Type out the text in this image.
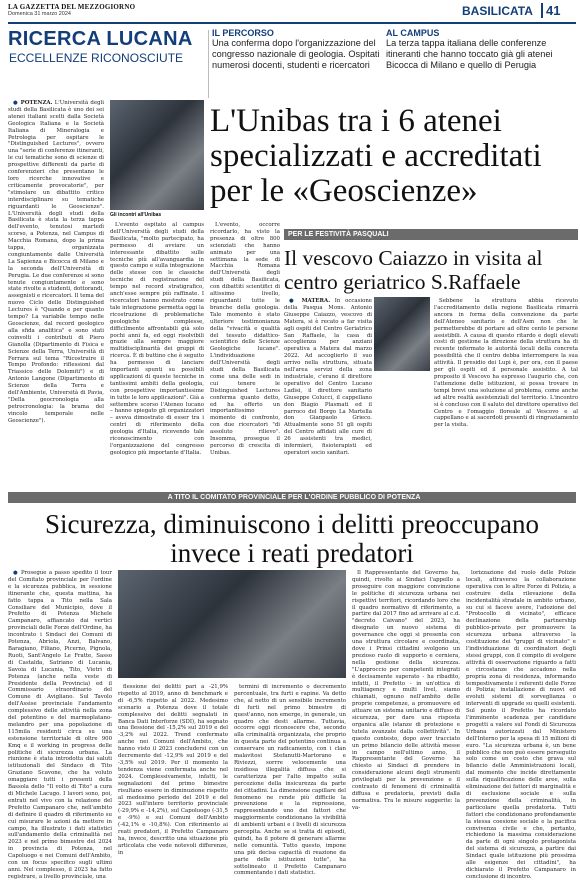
LA GAZZETTA DEL MEZZOGIORNO
Domenica 31 marzo 2024	BASILICATA	41
RICERCA LUCANA
ECCELLENZE RICONOSCIUTE
IL PERCORSO
Una conferma dopo l'organizzazione del congresso nazionale di geologia. Ospitati numerosi docenti, studenti e ricercatori
AL CAMPUS
La terza tappa italiana delle conferenze itineranti che hanno toccato già gli atenei Bicocca di Milano e quello di Perugia

● POTENZA. L'Università degli studi della Basilicata è uno dei sei atenei italiani scelti dalla Società Geologica Italiana e la Società Italiana di Mineralogia e Petrologia per ospitare le "Distinguished Lectures", ovvero una "serie di conferenze itineranti, le cui tematiche sono di scienze di prospettive differenti da parte di conferenzieri che presentano le loro ricerche innovative e criticamente provocatorie", per "stimolare un dibattito critico interdisciplinare su tematiche riguardanti le Geoscienze". L'Università degli studi della Basilicata è stata la terza tappa dell'evento, tenutosi martedì scorso, a Potenza, nel Campus di Macchia Romana, dopo la prima tappa, organizzata congiuntamente dalle Università La Sapienza e Bicocca di Milano e la seconda dell'Università di Perugia. Le due conferenze si sono tenute congiuntamente e sono state rivolte a studenti, dottorandi, assegnisti e ricercatori. Il tema del nuovo Ciclo delle Distinguished Lectures è "Quando e per quanto tempo? La variabile tempo nelle Geoscienze, dal record geologico alla sfida analitica" e sono stati coinvolti i contributi di Piero Gianolla (Dipartimento di Fisica e Scienze della Terra, Università di Ferrara sul tema "Ricostruire il Tempo Profondo: riflessioni dal Triassico delle Dolomiti") e di Antonio Langone (Dipartimento di Scienze della Terra e dell'Ambiente, Università di Pavia, "Della geocronologia alla petrocronologia: la brama del vincolo temporale nelle Geoscienze").

Gli incontri all'Unibas

L'evento ospitato al campus dell'Università degli studi della Basilicata, "molto partecipato, ha permesso di avviare un interessante dibattito sulle tecniche più all'avanguardia in questo campo e sulla integrazione delle stesse con le classiche tecniche di registrazione del tempo nel record stratigrafico, anch'esse sempre più raffinate. I ricercatori hanno mostrato come tale integrazione permetta oggi la ricostruzione di problematiche geologiche complesse, difficilmente affrontabili già solo pochi anni fa, ed oggi risolvibili grazie alla sempre maggiore multidisciplinarità dei gruppi di ricerca. È di buttino che è seguito ha permesso di lanciare importanti spunti su possibili applicazioni di queste tecniche in tantissimi ambiti della geologia, con prospettive importantissime in tutte le loro applicazioni". Già a settembre scorso l'Ateneo lucano – hanno spiegato gli organizzatori – aveva dimostrato di esser tra i centri di riferimento della geologia d'Italia, ricevendo tale riconoscimento con l'organizzazione del congresso geologico più importante d'Italia.

L'Unibas tra i 6 atenei specializzati e accreditati per le «Geoscienze»

L'evento, occorre ricordarlo, ha visto la presenza di oltre 800 scienziati che hanno animato per una settimana la sede di Macchia Romana dell'Università degli studi della Basilicata, con dibattiti scientifici di altissimo livello, riguardanti tutte le branche della geologia. Tale momento è stato ulteriore testimonianza della "vivacità e qualità del tessuto didattico-scientifico delle Scienze Geologiche lucane". L'individuazione dell'Università degli studi della Basilicata come una delle sedi in cui tenere le Distinguished Lectures conferma quanto detto, ed ha offerto un importantissimo momento di confronto, con due ricercatori "di assoluto rilievo". Insomma, prosegue il percorso di crescita di Unibas.

PER LE FESTIVITÀ PASQUALI
Il vescovo Caiazzo in visita al centro geriatrico S.Raffaele

● MATERA. In occasione della Pasqua Mons. Antonio Giuseppe Caiazzo, vescovo di Matera, si è recato a far visita agli ospiti del Centro Geriatrico San Raffaele, la casa di accoglienza per anziani operativa a Matera dal marzo 2022. Ad accoglierlo il suo arrivo nella struttura, situata nell'area servizi della zona industriale, c'erano il direttore operativo del Centro Lucano Ladisi, il direttore sanitario Giuseppe Colucci, il cappellano don Biagio Plasmati ed il parroco del Borgo La Martella don Gianpaolo Grieco. Attualmente sono 51 gli ospiti del Centro affidati alle cure di 26 assistenti tra medici, infermieri, fisioterapisti ed operatori socio sanitari.

Sebbene la struttura abbia ricevuto l'accreditamento della regione Basilicata rimarrà ancora in forma della convenzione da parte dell'Ateneo sanitario e dell'Asm non che le permetterebbe di portare ad oltre cento le persone assistibili. A causa di questo ritardo e degli elevati costi di gestione la direzione della struttura ha di recente informato le autorità locali della concreta possibilità che il centro debba interrompere la sua attività. Il presidio dei Lupi è, per ora, con il paese per gli ospiti ed il personale assistito. A tal proposito il Vescovo ha espresso l'augurio che, con l'attenzione delle istituzioni, si possa trovare in tempi brevi una soluzione al problema, come anche ad altre realtà assistenziali del territorio. L'incontro si è concluso con il saluto del direttore operativo del Centro e l'omaggio floreale al Vescovo e al cappellano e ai sacerdoti presenti di ringraziamento per la visita.

A TITO IL COMITATO PROVINCIALE PER L'ORDINE PUBBLICO DI POTENZA
Sicurezza, diminuiscono i delitti preoccupano invece i reati predatori

● Prosegue a passo spedito il tour del Comitato provinciale per l'ordine e la sicurezza pubblica, in sessione itinerante che, questa mattina, ha fatto tappa a Tito nella Sala Consiliare del Municipio, dove il Prefetto di Potenza Michele Campanaro, affiancato dai vertici provinciali delle Forze dell'Ordine, ha incontrato i Sindaci dei Comuni di Potenza, Abriola, Anzi, Balvano, Baragiano, Filiano, Picerno, Pignola, Ruoti, Sant'Angelo Le Fratte, Sasso di Castalda, Satriano di Lucania, Savoia di Lucania, Tito, Vietri di Potenza (anche nella veste di Presidente della Provincia) ed il Commissario straordinario del Comune di Avigliano. Sul Tavolo dell'Assise provinciale l'andamento complessivo delle attività nella zona del potentino e del marmoplatano-melandro per una popolazione di 115mila residenti circa su una estensione territoriale di oltre 900 Kmq e il working in progress delle politiche di sicurezza urbana. La riunione è stata introdotta dai saluti istituzionali del Sindaco di Tito Graziano Scavone, che ha voluto omaggiare tutti i presenti della Bassola dello "Il volto di Tito" a cura di Michele Lacugo. I lavori sono, poi, entrati nel vivo con la relazione del Prefetto Campanaro che, nell'ambito di definire il quadro di riferimento su cui misurare le azioni da mettere in campo, ha illustrato i dati statistici sull'andamento della criminalità nel 2023 e nel primo bimestre del 2024 in provincia di Potenza, nel Capoluogo e nei Comuni dell'Ambito, con un focus specifico sugli ultimi anni. Nel complesso, il 2023 ha fatto registrare, a livello provinciale, una

flessione dei delitti pari a -21,9% rispetto al 2019, anno di benchmark e di -6,5% rispetto al 2022. Medesimo scenario a Potenza dove il totale complessivo dei delitti segnalati in Banca Dati Interforze (SDI), ha segnato una flessione del -15,2% sul 2019 e del -3,2% sul 2022. Trend confermato anche nei Comuni dell'Ambito, che hanno visto il 2023 concludersi con un decremento del -12,9% sul 2019 e del -3,5% sul 2019. Per il momento la tendenza viene confermata anche nel 2024. Complessivamente, infatti, le segnalazioni del primo bimestre risultano essere in diminuzione rispetto al medesimo periodo del 2019 e del 2023 sull'intero territorio provinciale (-29,9% e -14,2%), sul Capoluogo (-31,5 e -9%) e sui Comuni dell'Ambito (-42,1% e -10,8%). Con riferimento ai reati predatori, il Prefetto Campanaro ha, invece, descritto una situazione più articolata che vede notevoli differenze, in

termini di incremento o decremento percentuale, tra furti e rapine. Va detto che, al netto di un sensibile incremento di furti nel primo bimestre di quest'anno, non emerge, in generale, un quadro che desti allarme. Tuttavia, occorre oggi riconoscere che, secondo alla criminalità organizzata, che proprio in questa parte del potentino continua a conservare un radicamento, con i clan malavitosi Stefanutti-Martorano e Riviezzi, sorrre velocemente una insidiosa illegalità diffusa che si caratterizza per l'alto impatto sulla percezione della insicurezza da parte dei cittadini. La dimensione capillare del fenomeno ne rende più difficile la prevenzione e la repressione, rappresentando uno dei fattori che maggiormente condizionano la vivibilità di ambienti urbani e i livelli di sicurezza percepita. Anche se si tratta di episodi, quindi, ha il potere di generare allarme nelle comunità. Tutto questo, impone una più decisa capacità di reazione da parte delle istituzioni tutte", ha sottolineato il Prefetto Campanaro commentando i dati statistici.

Il Rappresentante del Governo ha, quindi, rivolto ai Sindaci l'appello a proseguire con maggiore convinzione le politiche di sicurezza urbana nei rispettivi territori, ricordando loro che il quadro normativo di riferimento, a partire dal 2017 fino ad arrivare al c.d. "decreto Caivano" del 2023, ha disegnato un nuovo sistema di governance che oggi si presenta con una struttura circolare e coordinata, dove i Prinsi cittadini svolgono un prezioso ruolo di supporto e cerniera, nella gestione della sicurezza. "L'approccio per competenti integrati è decisamente superato - ha ribadito, infatti, il Prefetto - in un'ottica di multiagency e multi livel, siamo chiamati, ognuno nell'ambito delle proprie competenze, a promuovere ed attuare un sistema unitario e diffuso di sicurezza, per dare una risposta organica alle istanze di protezione e tutela avanzate dalla collettività". In questo contesto, dopo aver tracciato un primo bilancio delle attività messe in campo nell'ultimo anno, il Rappresentante del Governo ha chiesto ai Sindaci di prendere in considerazione alcuni degli strumenti privilegiati per la prevenzione e il contrasto di fenomeni di criminalità diffusa e predatoria, previsti dalla normativa. Tra le misure suggerite: la va-

lorizzazione del ruolo delle Polizie locali, attraverso la collaborazione operativa con le altre Forze di Polizia, a costruire della rilevazione della incidentalità stradale in ambito urbano, su cui si faceve avere, l'adozione del "Protocollo di vicinato", efficace declinazione della partnership pubblico-privato per promuovere la sicurezza urbana attraverso la costituzione dei "gruppi di vicinato" e l'individuazione di coordinatori degli stessi gruppi, con il compito di svolgere attività di osservazione riguardo a fatti e circostanze che accadono nella propria zona di residenza, informando tempestivamente i referenti delle Forze di Polizia; installazione di nuovi ed evoluti sistemi di sorveglianza o interventi di upgrade su quelli esistenti. Sul punto il Prefetto ha ricordato l'imminente scadenza per candidare progetti a valere sul Fondi di Sicurezza Urbana autorizzati dal Ministero dell'Interno per la spesa di 15 milioni di euro. "La sicurezza urbana è, un bene pubblico che non può essere perseguito solo come un costo che grava sul bilancio delle Amministrazioni locali, dal momento che incide direttamente sulla riqualificazione delle aree, sulla eliminazione dei fattori di marginalità e di esclusione sociale e sulla prevenzione della criminalità, in particolare quella predatoria. Tutti fattori che condizionano profondamente la stessa coesione sociale e la pacifica convivenza civile e che, pertanto, richiedono la massima considerazione da parte di ogni singolo protagonista del sistema di sicurezza, a partire dai Sindaci quale istituzione più prossima alle esigenze dei cittadini", ha dichiarato il Prefetto Campanaro in conclusione di incontro.
